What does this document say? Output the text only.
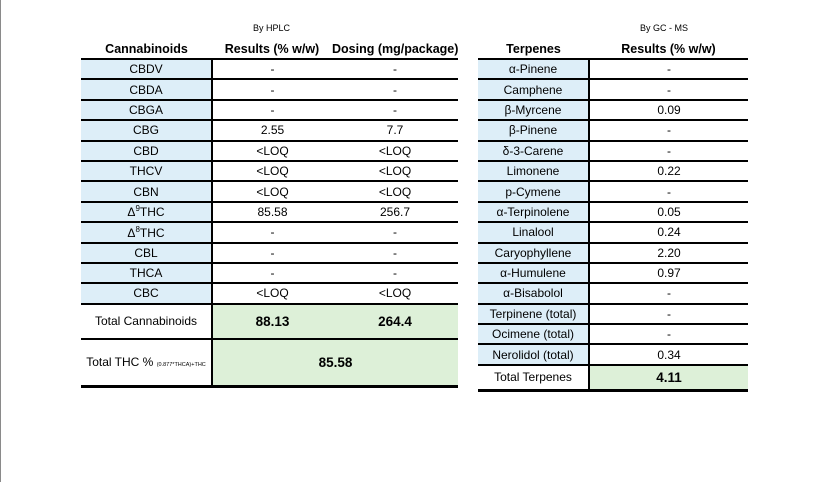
By HPLC	By GC - MS
Cannabinoids	Results (% w/w)	Dosing (mg/package)
CBDV	-	-
CBDA	-	-
CBGA	-	-
CBG	2.55	7.7
CBD	<LOQ	<LOQ
THCV	<LOQ	<LOQ
CBN	<LOQ	<LOQ
$\Delta^9THC$	85.58	256.7
$\Delta^8THC$	-	-
CBL	-	-
THCA	-	-
CBC	<LOQ	<LOQ
Total Cannabinoids	88.13	264.4
Total THC % (0.877*THCA)+THC	85.58	
Terpenes	Results (% w/w)
α-Pinene	-
Camphene	-
β-Myrcene	0.09
β-Pinene	-
δ-3-Carene	-
Limonene	0.22
p-Cymene	-
α-Terpinolene	0.05
Linalool	0.24
Caryophyllene	2.20
α-Humulene	0.97
α-Bisabolol	-
Terpinene (total)	-
Ocimene (total)	-
Nerolidol (total)	0.34
Total Terpenes	4.11
